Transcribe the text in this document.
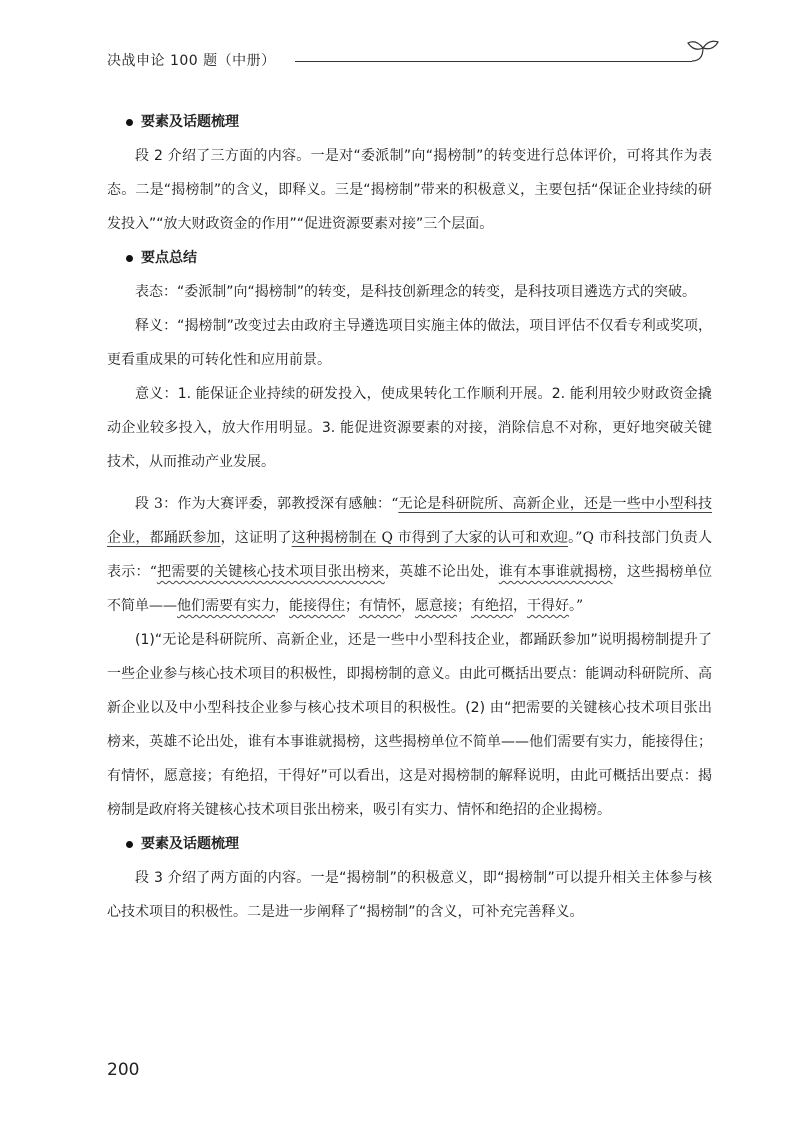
决战申论 100 题（中册）

要素及话题梳理

段 2 介绍了三方面的内容。一是对“委派制”向“揭榜制”的转变进行总体评价，可将其作为表态。二是“揭榜制”的含义，即释义。三是“揭榜制”带来的积极意义，主要包括“保证企业持续的研发投入”“放大财政资金的作用”“促进资源要素对接”三个层面。

要点总结

表态：“委派制”向“揭榜制”的转变，是科技创新理念的转变，是科技项目遴选方式的突破。

释义：“揭榜制”改变过去由政府主导遴选项目实施主体的做法，项目评估不仅看专利或奖项，更看重成果的可转化性和应用前景。

意义：1. 能保证企业持续的研发投入，使成果转化工作顺利开展。2. 能利用较少财政资金撬动企业较多投入，放大作用明显。3. 能促进资源要素的对接，消除信息不对称，更好地突破关键技术，从而推动产业发展。

段 3：作为大赛评委，郭教授深有感触：“无论是科研院所、高新企业，还是一些中小型科技企业，都踊跃参加，这证明了这种揭榜制在 Q 市得到了大家的认可和欢迎。”Q 市科技部门负责人表示：“把需要的关键核心技术项目张出榜来，英雄不论出处，谁有本事谁就揭榜，这些揭榜单位不简单——他们需要有实力，能接得住；有情怀，愿意接；有绝招，干得好。”

(1)“无论是科研院所、高新企业，还是一些中小型科技企业，都踊跃参加”说明揭榜制提升了一些企业参与核心技术项目的积极性，即揭榜制的意义。由此可概括出要点：能调动科研院所、高新企业以及中小型科技企业参与核心技术项目的积极性。(2) 由“把需要的关键核心技术项目张出榜来，英雄不论出处，谁有本事谁就揭榜，这些揭榜单位不简单——他们需要有实力，能接得住；有情怀，愿意接；有绝招，干得好”可以看出，这是对揭榜制的解释说明，由此可概括出要点：揭榜制是政府将关键核心技术项目张出榜来，吸引有实力、情怀和绝招的企业揭榜。

要素及话题梳理

段 3 介绍了两方面的内容。一是“揭榜制”的积极意义，即“揭榜制”可以提升相关主体参与核心技术项目的积极性。二是进一步阐释了“揭榜制”的含义，可补充完善释义。

200
